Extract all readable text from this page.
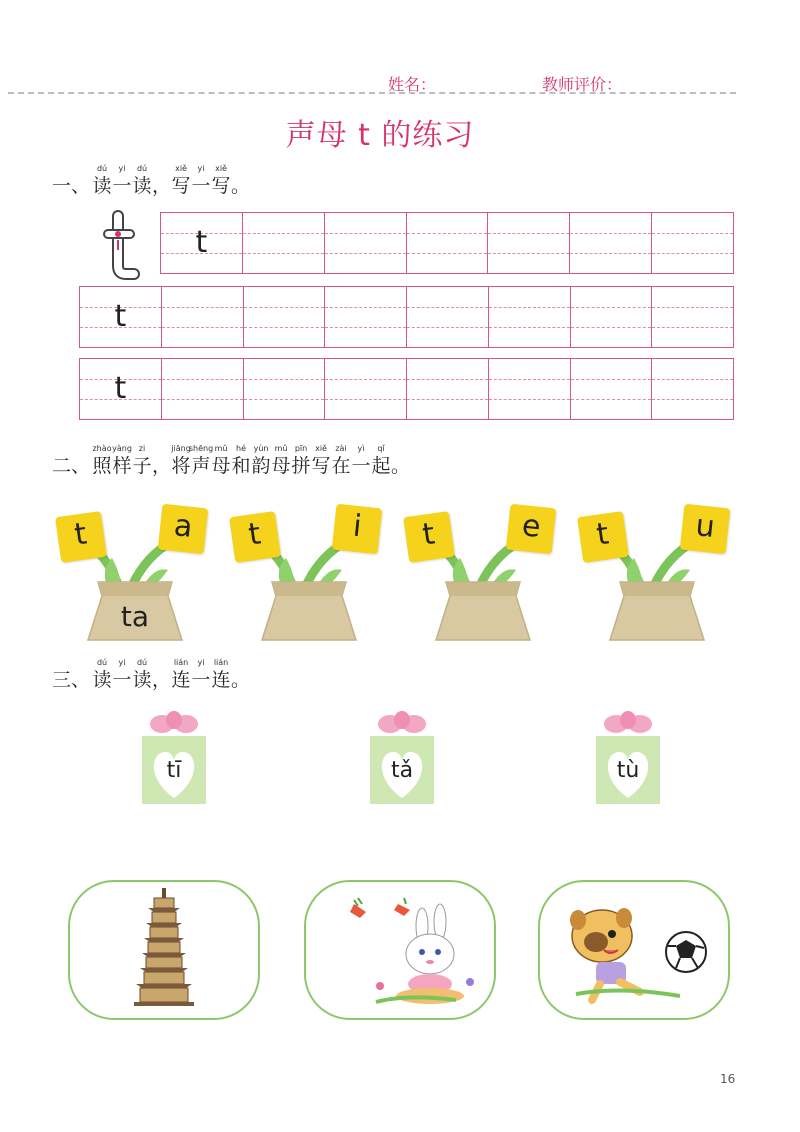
姓名：	教师评价：
声母 t 的练习
一、
dú
读
yi
一
dú
读 ，
xiě
写
yi
一
xiě
写 。
t
t
t
二、
zhào
照
yàng
样
zi
子 ，
jiāng
将
shēng
声
mǔ
母
hé
和
yùn
韵
mǔ
母
pīn
拼
xiě
写
zài
在
yì
一
qǐ
起 。
t	a
ta
t	i	t	e	t	u
三、
dú
读
yi
一
dú
读 ，
lián
连
yi
一
lián
连 。
tī	tǎ	tù
16
